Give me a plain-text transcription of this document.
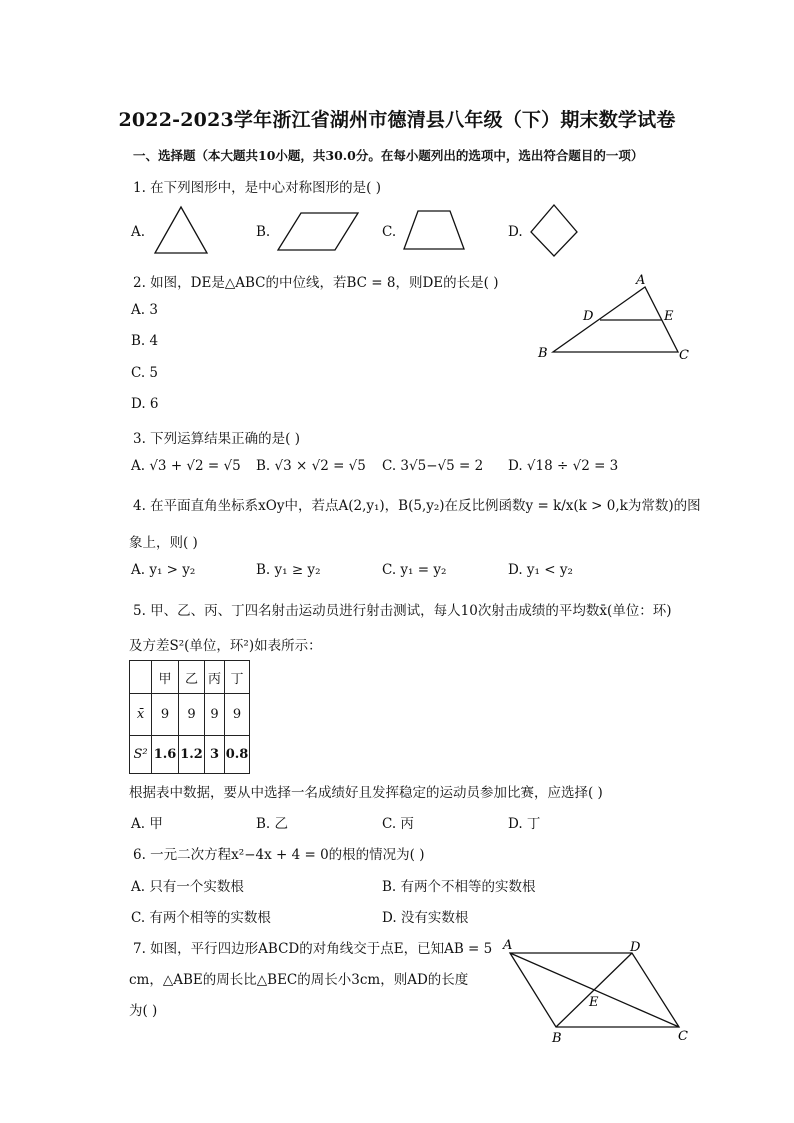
2022-2023学年浙江省湖州市德清县八年级（下）期末数学试卷
一、选择题（本大题共10小题，共30.0分。在每小题列出的选项中，选出符合题目的一项）
1. 在下列图形中，是中心对称图形的是( )
A.	B.	C.	D.
A
D	E
B	C
A	D
E
B	C
2. 如图，DE是△ABC的中位线，若BC = 8，则DE的长是( )
A. 3
B. 4
C. 5
D. 6
3. 下列运算结果正确的是( )
A. √3 + √2 = √5 B. √3 × √2 = √5 C. 3√5−√5 = 2 D. √18 ÷ √2 = 3
4. 在平面直角坐标系xOy中，若点A(2,y₁)，B(5,y₂)在反比例函数y = k/x(k > 0,k为常数)的图
象上，则( )
A. y₁ > y₂	B. y₁ ≥ y₂	C. y₁ = y₂	D. y₁ < y₂
5. 甲、乙、丙、丁四名射击运动员进行射击测试，每人10次射击成绩的平均数x̄(单位：环)
及方差S²(单位，环²)如表所示：
	甲	乙	丙	丁
x̄	9	9	9	9
S²	1.6	1.2	3	0.8
根据表中数据，要从中选择一名成绩好且发挥稳定的运动员参加比赛，应选择( )
A. 甲	B. 乙	C. 丙	D. 丁
6. 一元二次方程x²−4x + 4 = 0的根的情况为( )
A. 只有一个实数根	B. 有两个不相等的实数根
C. 有两个相等的实数根	D. 没有实数根
7. 如图，平行四边形ABCD的对角线交于点E，已知AB = 5
cm，△ABE的周长比△BEC的周长小3cm，则AD的长度
为( )
